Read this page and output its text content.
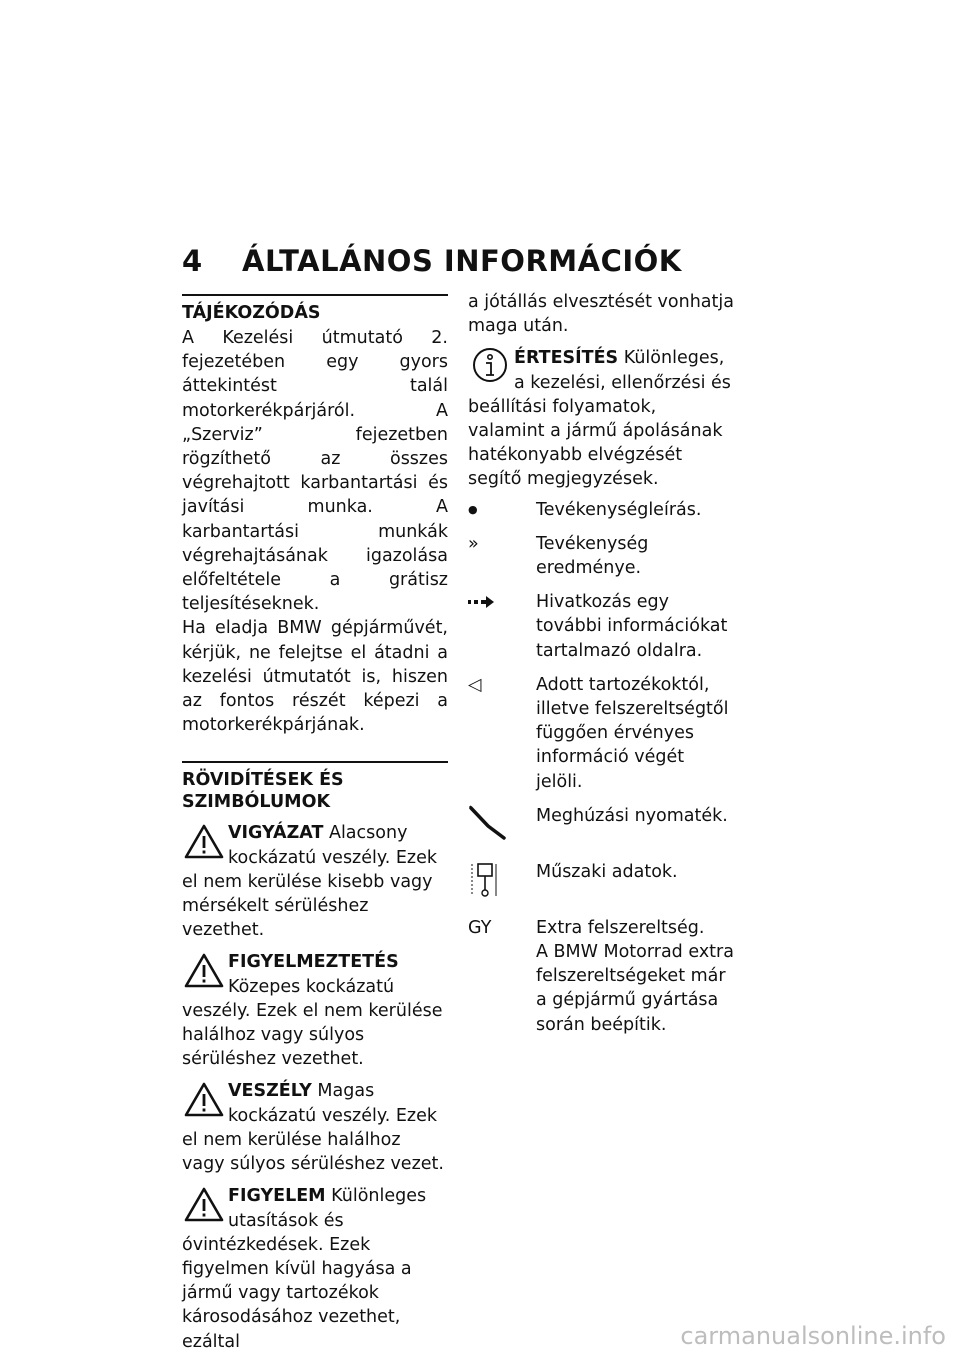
4 ÁLTALÁNOS INFORMÁCIÓK
TÁJÉKOZÓDÁS

A Kezelési útmutató 2. fejezetében egy gyors áttekintést talál motorkerékpárjáról. A „Szerviz” fejezetben rögzíthető az összes végrehajtott karbantartási és javítási munka. A karbantartási munkák végrehajtásának igazolása előfeltétele a grátisz teljesítéseknek.

Ha eladja BMW gépjárművét, kérjük, ne felejtse el átadni a kezelési útmutatót is, hiszen az fontos részét képezi a motorkerékpárjának.

RÖVIDÍTÉSEK ÉS SZIMBÓLUMOK

VIGYÁZAT Alacsony kockázatú veszély. Ezek el nem kerülése kisebb vagy mérsékelt sérüléshez vezethet.

FIGYELMEZTETÉS Közepes kockázatú veszély. Ezek el nem kerülése halálhoz vagy súlyos sérüléshez vezethet.

VESZÉLY Magas kockázatú veszély. Ezek el nem kerülése halálhoz vagy súlyos sérüléshez vezet.

FIGYELEM Különleges utasítások és óvintézkedések. Ezek figyelmen kívül hagyása a jármű vagy tartozékok károsodásához vezethet, ezáltal

a jótállás elvesztését vonhatja maga után.

ÉRTESÍTÉS Különleges, a kezelési, ellenőrzési és beállítási folyamatok, valamint a jármű ápolásának hatékonyabb elvégzését segítő megjegyzések.

●	Tevékenységleírás.
»	Tevékenység eredménye.
Hivatkozás egy további információkat tartalmazó oldalra.
◁	Adott tartozékoktól, illetve felszereltségtől függően érvényes információ végét jelöli.
Meghúzási nyomaték.
Műszaki adatok.
GY	Extra felszereltség.
A BMW Motorrad extra felszereltségeket már a gépjármű gyártása során beépítik.
carmanualsonline.info
